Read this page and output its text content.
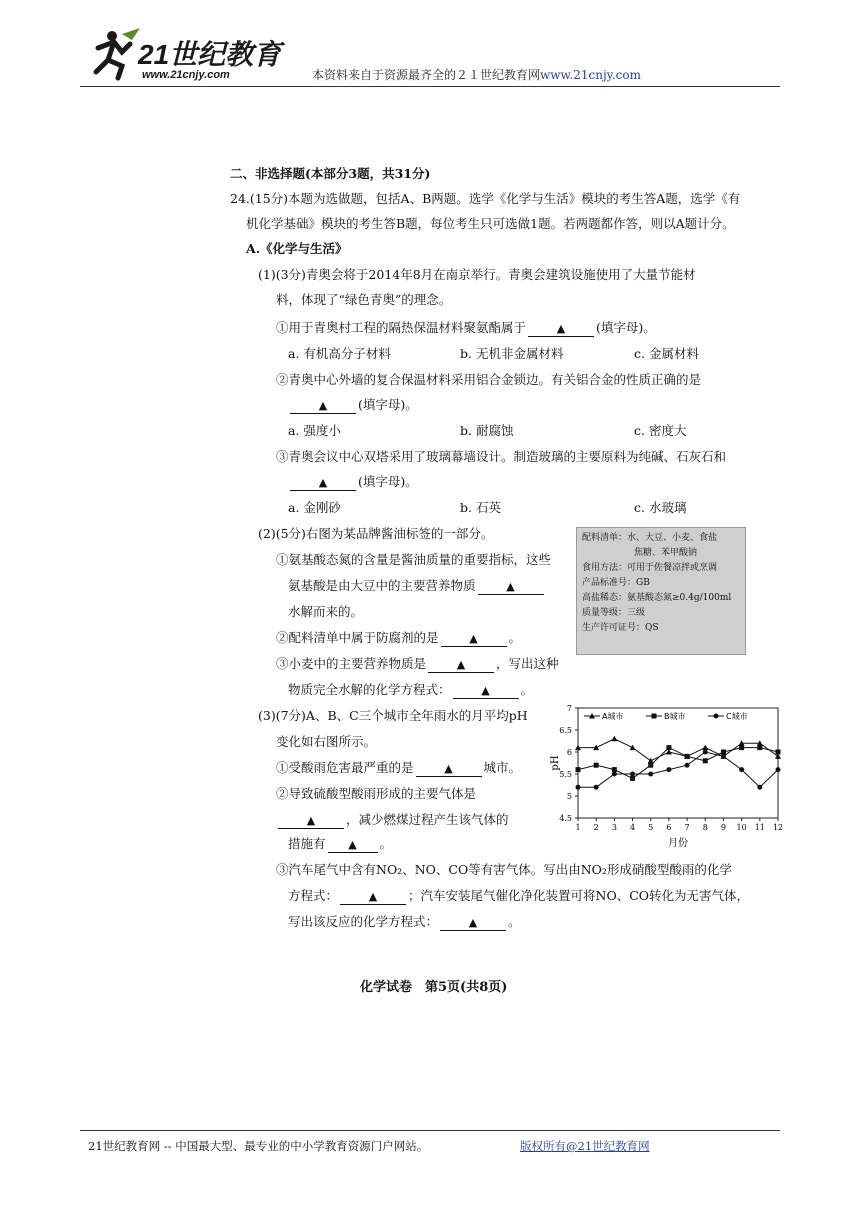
21世纪教育
www.21cnjy.com	本资料来自于资源最齐全的２１世纪教育网www.21cnjy.com
二、非选择题(本部分3题，共31分)
24.(15分)本题为选做题，包括A、B两题。选学《化学与生活》模块的考生答A题，选学《有
机化学基础》模块的考生答B题，每位考生只可选做1题。若两题都作答，则以A题计分。
A.《化学与生活》
(1)(3分)青奥会将于2014年8月在南京举行。青奥会建筑设施使用了大量节能材
料，体现了“绿色青奥”的理念。
①用于青奥村工程的隔热保温材料聚氨酯属于	▲ (填字母)。
a. 有机高分子材料	b. 无机非金属材料	c. 金属材料
②青奥中心外墙的复合保温材料采用铝合金锁边。有关铝合金的性质正确的是
▲ (填字母)。
a. 强度小	b. 耐腐蚀	c. 密度大
③青奥会议中心双塔采用了玻璃幕墙设计。制造玻璃的主要原料为纯碱、石灰石和
▲ (填字母)。
a. 金刚砂	b. 石英	c. 水玻璃
(2)(5分)右图为某品牌酱油标签的一部分。
①氨基酸态氮的含量是酱油质量的重要指标，这些
氨基酸是由大豆中的主要营养物质	▲
水解而来的。
②配料清单中属于防腐剂的是	▲ 。
③小麦中的主要营养物质是	▲ ，写出这种
物质完全水解的化学方程式：	▲ 。
配料清单：水、大豆、小麦、食盐
焦糖、苯甲酸钠
食用方法：可用于佐餐凉拌或烹调
产品标准号：GB
高盐稀态：氨基酸态氮≥0.4g/100ml
质量等级：三级
生产许可证号：QS
(3)(7分)A、B、C三个城市全年雨水的月平均pH
变化如右图所示。
①受酸雨危害最严重的是	▲ 城市。
②导致硫酸型酸雨形成的主要气体是
▲ ，减少燃煤过程产生该气体的
措施有 ▲ 。
③汽车尾气中含有NO₂、NO、CO等有害气体。写出由NO₂形成硝酸型酸雨的化学
方程式：	▲ ；汽车安装尾气催化净化装置可将NO、CO转化为无害气体，
写出该反应的化学方程式：	▲ 。
4.5
5
5.5
6
6.5
7
1 2 3 4 5 6 7 8 9 10 11 12
月份
pH
A城市	B城市	C城市
化学试卷　第5页(共8页)
21世纪教育网 -- 中国最大型、最专业的中小学教育资源门户网站。	版权所有@21世纪教育网
